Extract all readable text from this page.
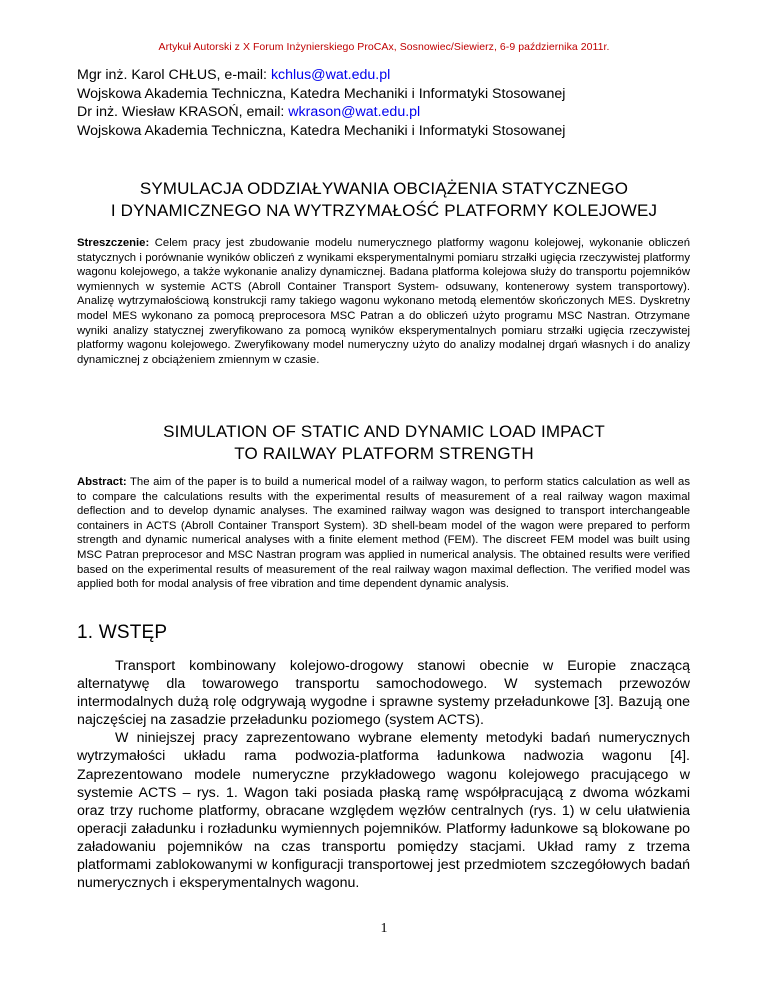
Artykuł Autorski z X Forum Inżynierskiego ProCAx, Sosnowiec/Siewierz, 6-9 października 2011r.
Mgr inż. Karol CHŁUS, e-mail: kchlus@wat.edu.pl
Wojskowa Akademia Techniczna, Katedra Mechaniki i Informatyki Stosowanej
Dr inż. Wiesław KRASOŃ, email: wkrason@wat.edu.pl
Wojskowa Akademia Techniczna, Katedra Mechaniki i Informatyki Stosowanej
SYMULACJA ODDZIAŁYWANIA OBCIĄŻENIA STATYCZNEGO
I DYNAMICZNEGO NA WYTRZYMAŁOŚĆ PLATFORMY KOLEJOWEJ
Streszczenie: Celem pracy jest zbudowanie modelu numerycznego platformy wagonu kolejowej, wykonanie obliczeń statycznych i porównanie wyników obliczeń z wynikami eksperymentalnymi pomiaru strzałki ugięcia rzeczywistej platformy wagonu kolejowego, a także wykonanie analizy dynamicznej. Badana platforma kolejowa służy do transportu pojemników wymiennych w systemie ACTS (Abroll Container Transport System- odsuwany, kontenerowy system transportowy). Analizę wytrzymałościową konstrukcji ramy takiego wagonu wykonano metodą elementów skończonych MES. Dyskretny model MES wykonano za pomocą preprocesora MSC Patran a do obliczeń użyto programu MSC Nastran. Otrzymane wyniki analizy statycznej zweryfikowano za pomocą wyników eksperymentalnych pomiaru strzałki ugięcia rzeczywistej platformy wagonu kolejowego. Zweryfikowany model numeryczny użyto do analizy modalnej drgań własnych i do analizy dynamicznej z obciążeniem zmiennym w czasie.
SIMULATION OF STATIC AND DYNAMIC LOAD IMPACT
TO RAILWAY PLATFORM STRENGTH
Abstract: The aim of the paper is to build a numerical model of a railway wagon, to perform statics calculation as well as to compare the calculations results with the experimental results of measurement of a real railway wagon maximal deflection and to develop dynamic analyses. The examined railway wagon was designed to transport interchangeable containers in ACTS (Abroll Container Transport System). 3D shell-beam model of the wagon were prepared to perform strength and dynamic numerical analyses with a finite element method (FEM). The discreet FEM model was built using MSC Patran preprocesor and MSC Nastran program was applied in numerical analysis. The obtained results were verified based on the experimental results of measurement of the real railway wagon maximal deflection. The verified model was applied both for modal analysis of free vibration and time dependent dynamic analysis.
1. WSTĘP

Transport kombinowany kolejowo-drogowy stanowi obecnie w Europie znaczącą alternatywę dla towarowego transportu samochodowego. W systemach przewozów intermodalnych dużą rolę odgrywają wygodne i sprawne systemy przeładunkowe [3]. Bazują one najczęściej na zasadzie przeładunku poziomego (system ACTS).

W niniejszej pracy zaprezentowano wybrane elementy metodyki badań numerycznych wytrzymałości układu rama podwozia-platforma ładunkowa nadwozia wagonu [4]. Zaprezentowano modele numeryczne przykładowego wagonu kolejowego pracującego w systemie ACTS – rys. 1. Wagon taki posiada płaską ramę współpracującą z dwoma wózkami oraz trzy ruchome platformy, obracane względem węzłów centralnych (rys. 1) w celu ułatwienia operacji załadunku i rozładunku wymiennych pojemników. Platformy ładunkowe są blokowane po załadowaniu pojemników na czas transportu pomiędzy stacjami. Układ ramy z trzema platformami zablokowanymi w konfiguracji transportowej jest przedmiotem szczegółowych badań numerycznych i eksperymentalnych wagonu.

1
